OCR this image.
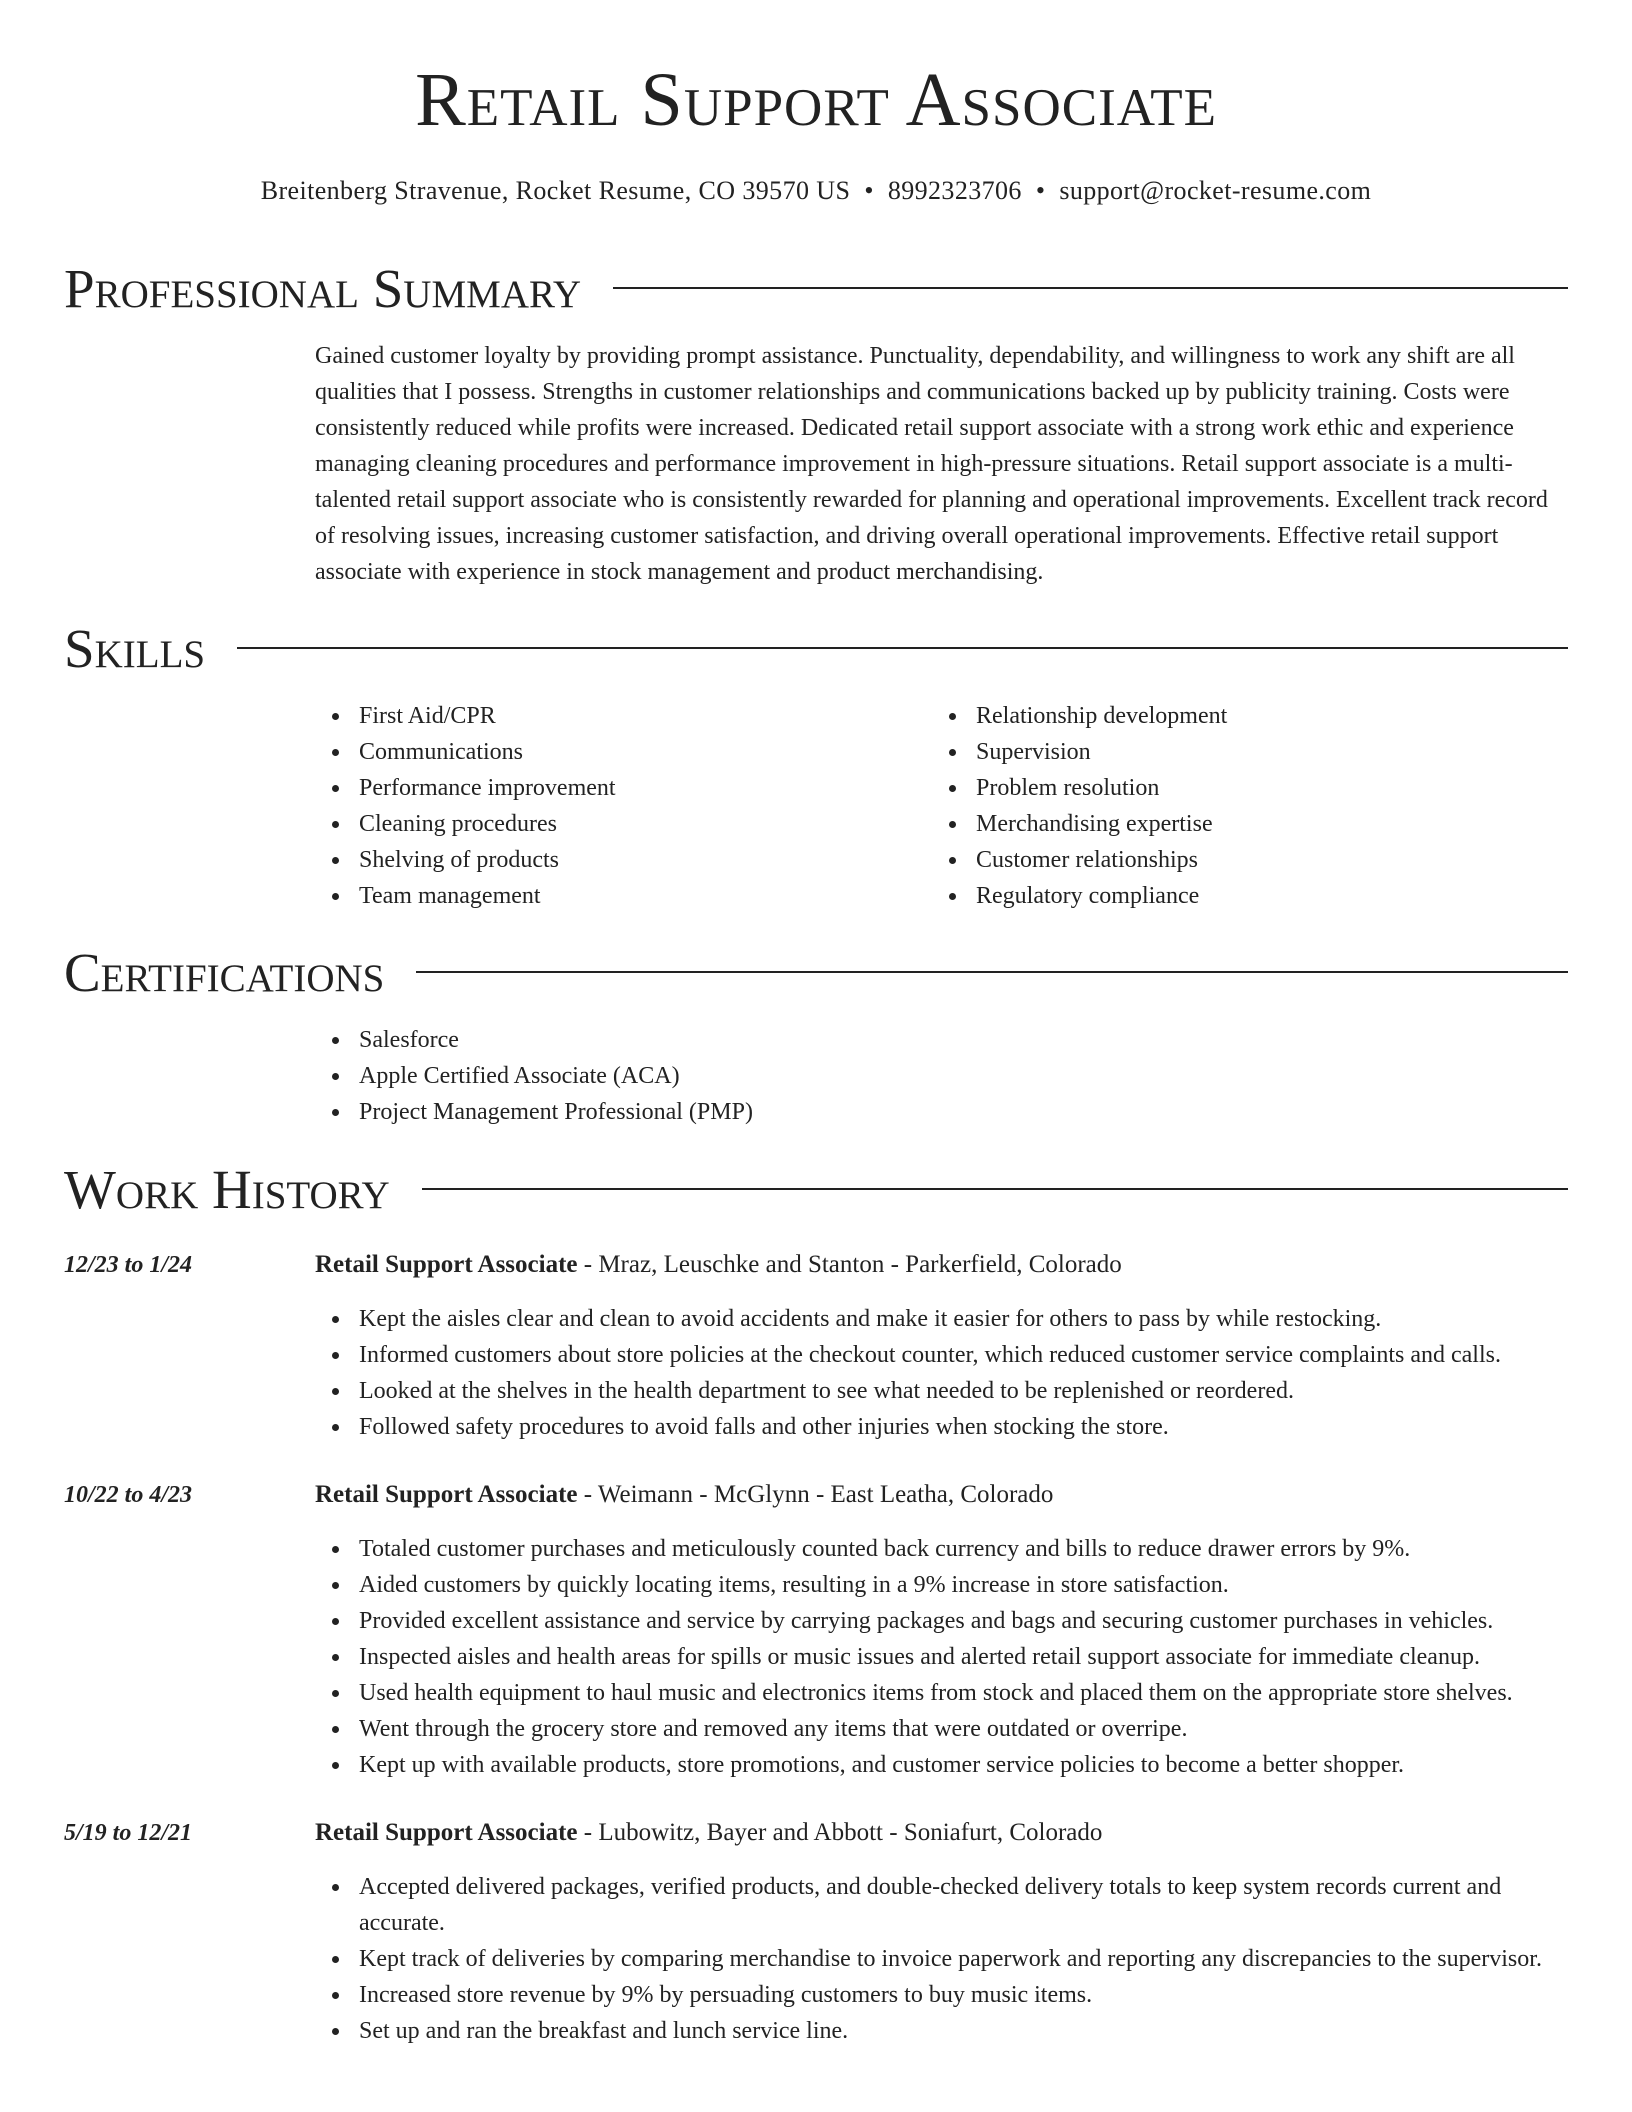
Retail Support Associate
Breitenberg Stravenue, Rocket Resume, CO 39570 US • 8992323706 • support@rocket-resume.com
Professional Summary
Gained customer loyalty by providing prompt assistance. Punctuality, dependability, and willingness to work any shift are all qualities that I possess. Strengths in customer relationships and communications backed up by publicity training. Costs were consistently reduced while profits were increased. Dedicated retail support associate with a strong work ethic and experience managing cleaning procedures and performance improvement in high-pressure situations. Retail support associate is a multi-talented retail support associate who is consistently rewarded for planning and operational improvements. Excellent track record of resolving issues, increasing customer satisfaction, and driving overall operational improvements. Effective retail support associate with experience in stock management and product merchandising.
Skills
First Aid/CPR
Communications
Performance improvement
Cleaning procedures
Shelving of products
Team management
Relationship development
Supervision
Problem resolution
Merchandising expertise
Customer relationships
Regulatory compliance
Certifications
Salesforce
Apple Certified Associate (ACA)
Project Management Professional (PMP)
Work History
12/23 to 1/24	Retail Support Associate - Mraz, Leuschke and Stanton - Parkerfield, Colorado
Kept the aisles clear and clean to avoid accidents and make it easier for others to pass by while restocking.
Informed customers about store policies at the checkout counter, which reduced customer service complaints and calls.
Looked at the shelves in the health department to see what needed to be replenished or reordered.
Followed safety procedures to avoid falls and other injuries when stocking the store.
10/22 to 4/23	Retail Support Associate - Weimann - McGlynn - East Leatha, Colorado
Totaled customer purchases and meticulously counted back currency and bills to reduce drawer errors by 9%.
Aided customers by quickly locating items, resulting in a 9% increase in store satisfaction.
Provided excellent assistance and service by carrying packages and bags and securing customer purchases in vehicles.
Inspected aisles and health areas for spills or music issues and alerted retail support associate for immediate cleanup.
Used health equipment to haul music and electronics items from stock and placed them on the appropriate store shelves.
Went through the grocery store and removed any items that were outdated or overripe.
Kept up with available products, store promotions, and customer service policies to become a better shopper.
5/19 to 12/21	Retail Support Associate - Lubowitz, Bayer and Abbott - Soniafurt, Colorado
Accepted delivered packages, verified products, and double-checked delivery totals to keep system records current and accurate.
Kept track of deliveries by comparing merchandise to invoice paperwork and reporting any discrepancies to the supervisor.
Increased store revenue by 9% by persuading customers to buy music items.
Set up and ran the breakfast and lunch service line.
